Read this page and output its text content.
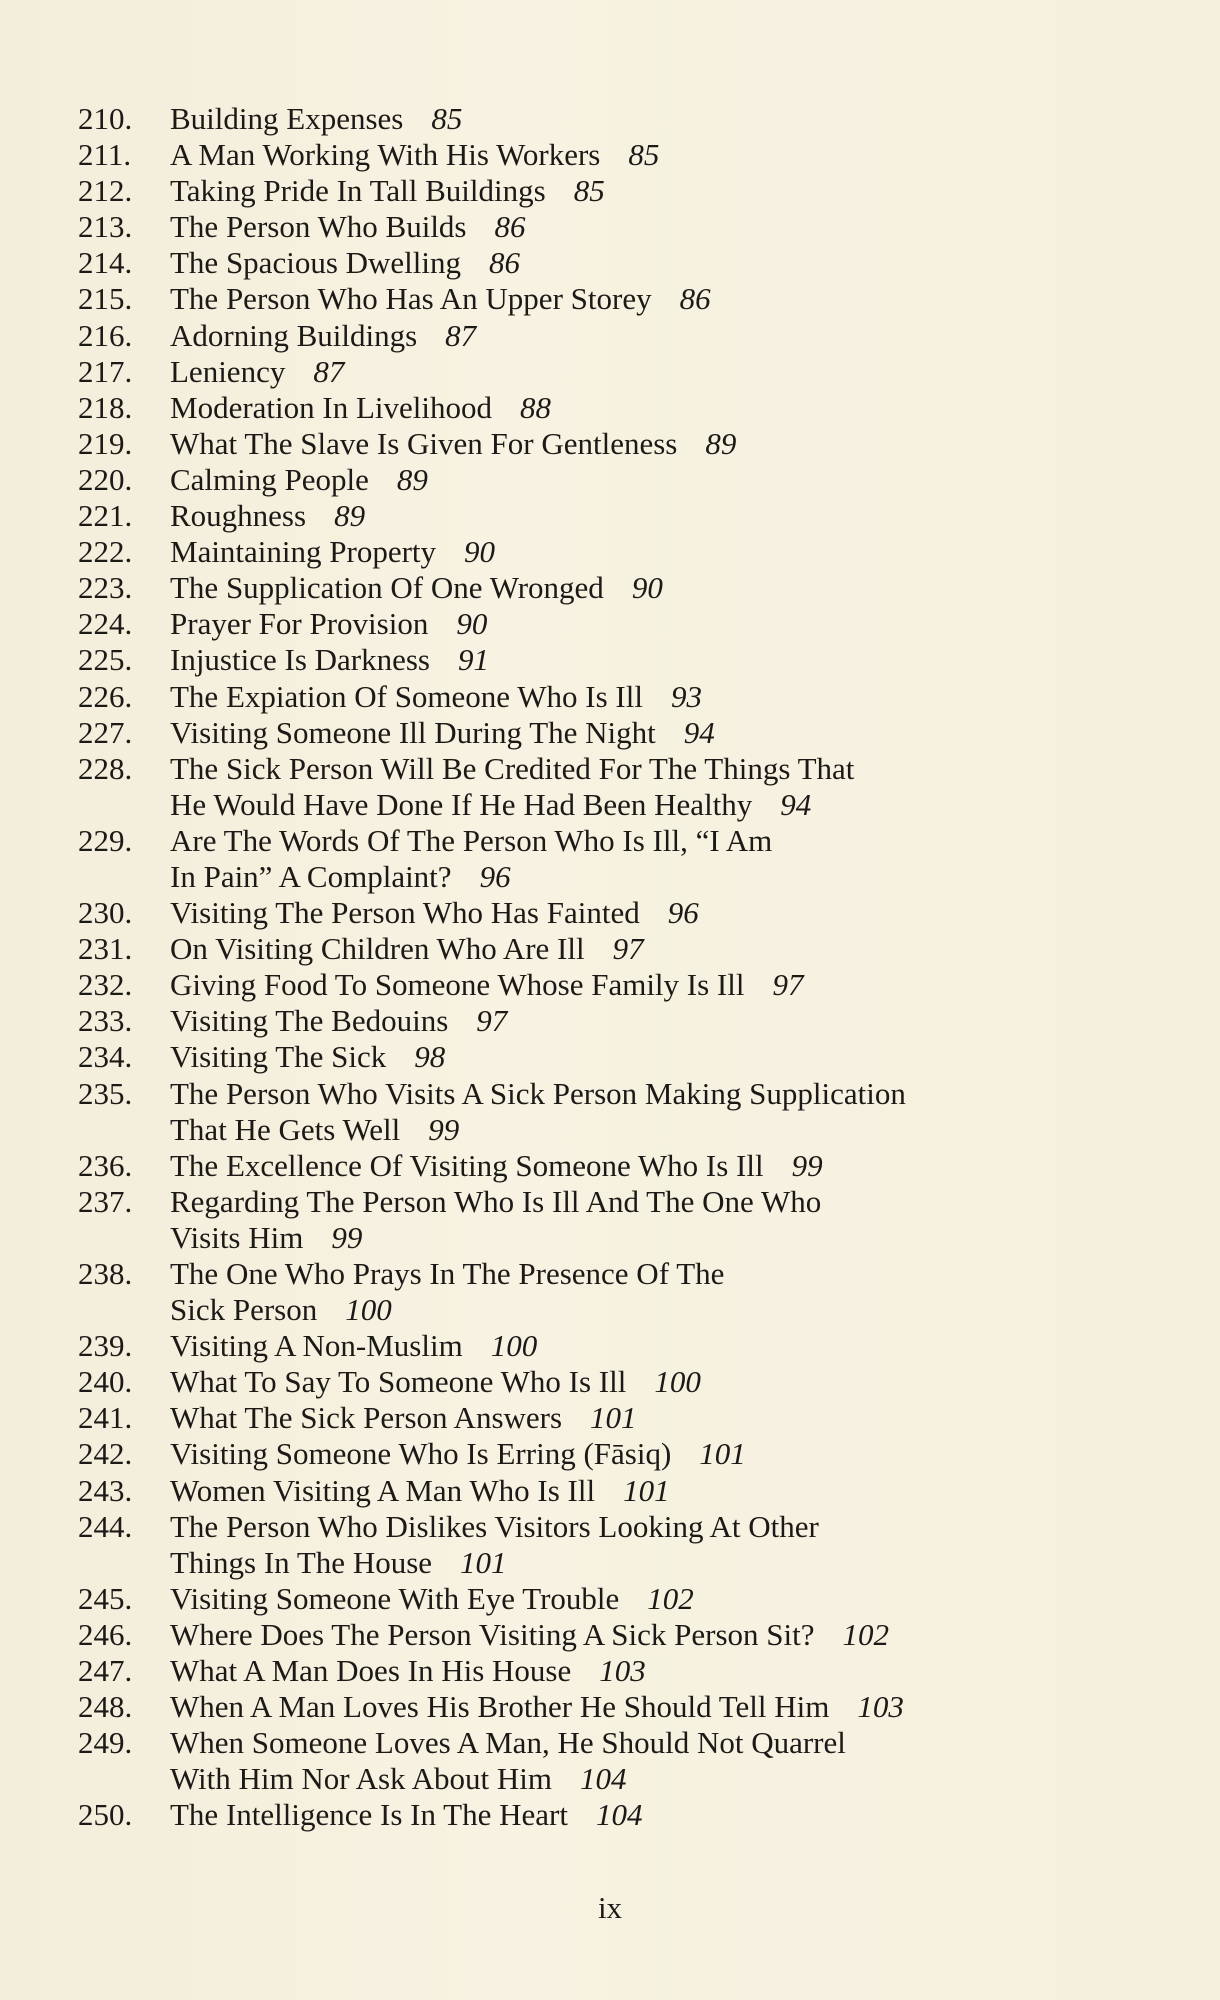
210.	Building Expenses 85
211.	A Man Working With His Workers 85
212.	Taking Pride In Tall Buildings 85
213.	The Person Who Builds 86
214.	The Spacious Dwelling 86
215.	The Person Who Has An Upper Storey 86
216.	Adorning Buildings 87
217.	Leniency 87
218.	Moderation In Livelihood 88
219.	What The Slave Is Given For Gentleness 89
220.	Calming People 89
221.	Roughness 89
222.	Maintaining Property 90
223.	The Supplication Of One Wronged 90
224.	Prayer For Provision 90
225.	Injustice Is Darkness 91
226.	The Expiation Of Someone Who Is Ill 93
227.	Visiting Someone Ill During The Night 94
228.	The Sick Person Will Be Credited For The Things That
He Would Have Done If He Had Been Healthy 94
229.	Are The Words Of The Person Who Is Ill, “I Am
In Pain” A Complaint? 96
230.	Visiting The Person Who Has Fainted 96
231.	On Visiting Children Who Are Ill 97
232.	Giving Food To Someone Whose Family Is Ill 97
233.	Visiting The Bedouins 97
234.	Visiting The Sick 98
235.	The Person Who Visits A Sick Person Making Supplication
That He Gets Well 99
236.	The Excellence Of Visiting Someone Who Is Ill 99
237.	Regarding The Person Who Is Ill And The One Who
Visits Him 99
238.	The One Who Prays In The Presence Of The
Sick Person 100
239.	Visiting A Non-Muslim 100
240.	What To Say To Someone Who Is Ill 100
241.	What The Sick Person Answers 101
242.	Visiting Someone Who Is Erring (Fāsiq) 101
243.	Women Visiting A Man Who Is Ill 101
244.	The Person Who Dislikes Visitors Looking At Other
Things In The House 101
245.	Visiting Someone With Eye Trouble 102
246.	Where Does The Person Visiting A Sick Person Sit? 102
247.	What A Man Does In His House 103
248.	When A Man Loves His Brother He Should Tell Him 103
249.	When Someone Loves A Man, He Should Not Quarrel
With Him Nor Ask About Him 104
250.	The Intelligence Is In The Heart 104
ix
